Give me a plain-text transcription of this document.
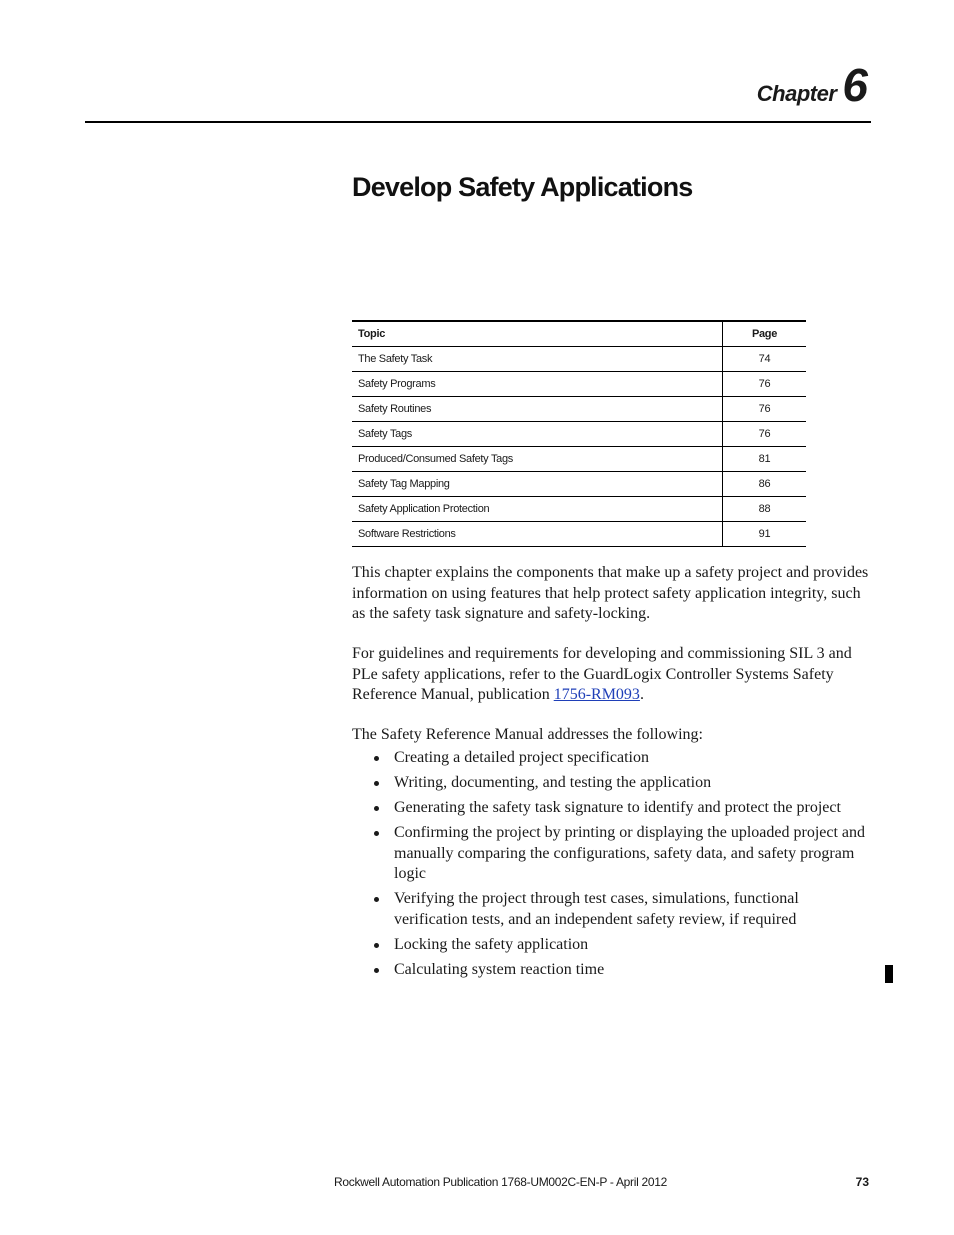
Chapter 6
Develop Safety Applications
Topic	Page
The Safety Task	74
Safety Programs	76
Safety Routines	76
Safety Tags	76
Produced/Consumed Safety Tags	81
Safety Tag Mapping	86
Safety Application Protection	88
Software Restrictions	91

This chapter explains the components that make up a safety project and provides information on using features that help protect safety application integrity, such as the safety task signature and safety-locking.

For guidelines and requirements for developing and commissioning SIL 3 and PLe safety applications, refer to the GuardLogix Controller Systems Safety Reference Manual, publication 1756-RM093.

The Safety Reference Manual addresses the following:

Creating a detailed project specification
Writing, documenting, and testing the application
Generating the safety task signature to identify and protect the project
Confirming the project by printing or displaying the uploaded project and manually comparing the configurations, safety data, and safety program logic
Verifying the project through test cases, simulations, functional verification tests, and an independent safety review, if required
Locking the safety application
Calculating system reaction time
Rockwell Automation Publication 1768-UM002C-EN-P - April 2012	73
